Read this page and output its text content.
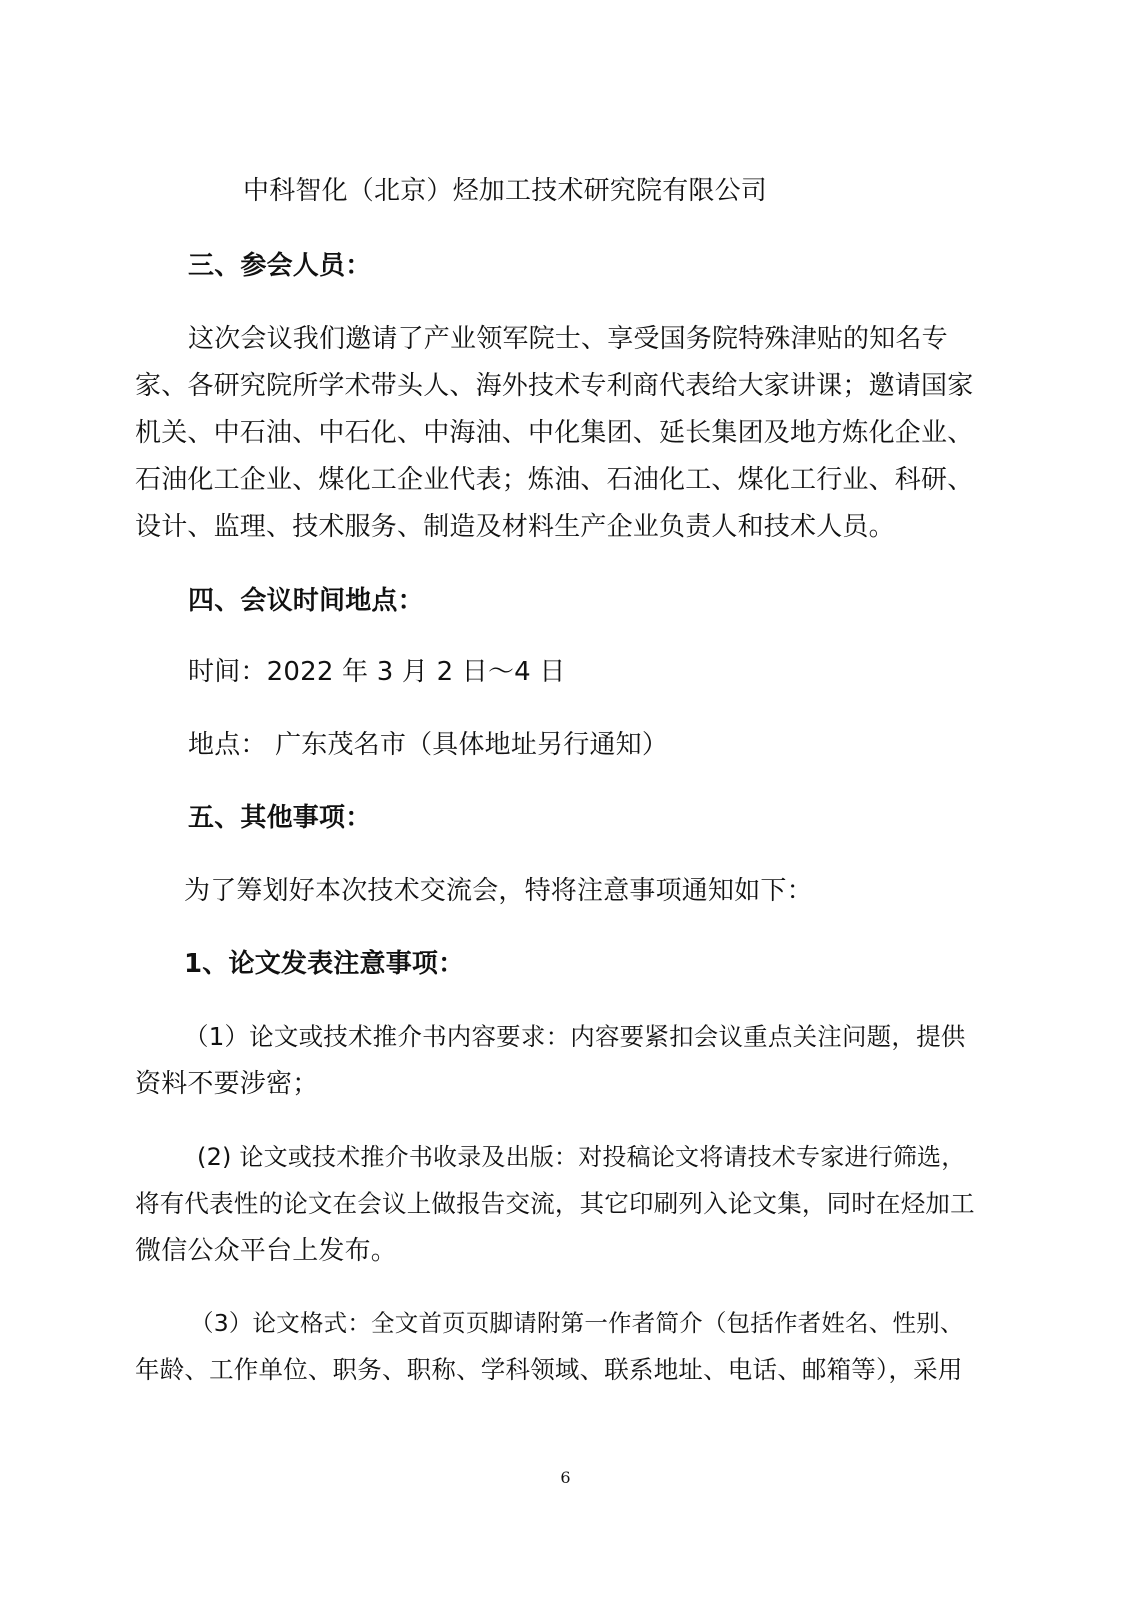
中科智化（北京）烃加工技术研究院有限公司
三、参会人员：
这次会议我们邀请了产业领军院士、享受国务院特殊津贴的知名专
家、各研究院所学术带头人、海外技术专利商代表给大家讲课；邀请国家
机关、中石油、中石化、中海油、中化集团、延长集团及地方炼化企业、
石油化工企业、煤化工企业代表；炼油、石油化工、煤化工行业、科研、
设计、监理、技术服务、制造及材料生产企业负责人和技术人员。
四、会议时间地点：
时间：2022 年 3 月 2 日～4 日
地点： 广东茂名市（具体地址另行通知）
五、其他事项：
为了筹划好本次技术交流会，特将注意事项通知如下：
1、论文发表注意事项：
（1）论文或技术推介书内容要求：内容要紧扣会议重点关注问题，提供
资料不要涉密；
(2) 论文或技术推介书收录及出版：对投稿论文将请技术专家进行筛选，
将有代表性的论文在会议上做报告交流，其它印刷列入论文集，同时在烃加工
微信公众平台上发布。
（3）论文格式：全文首页页脚请附第一作者简介（包括作者姓名、性别、
年龄、工作单位、职务、职称、学科领域、联系地址、电话、邮箱等），采用
6
